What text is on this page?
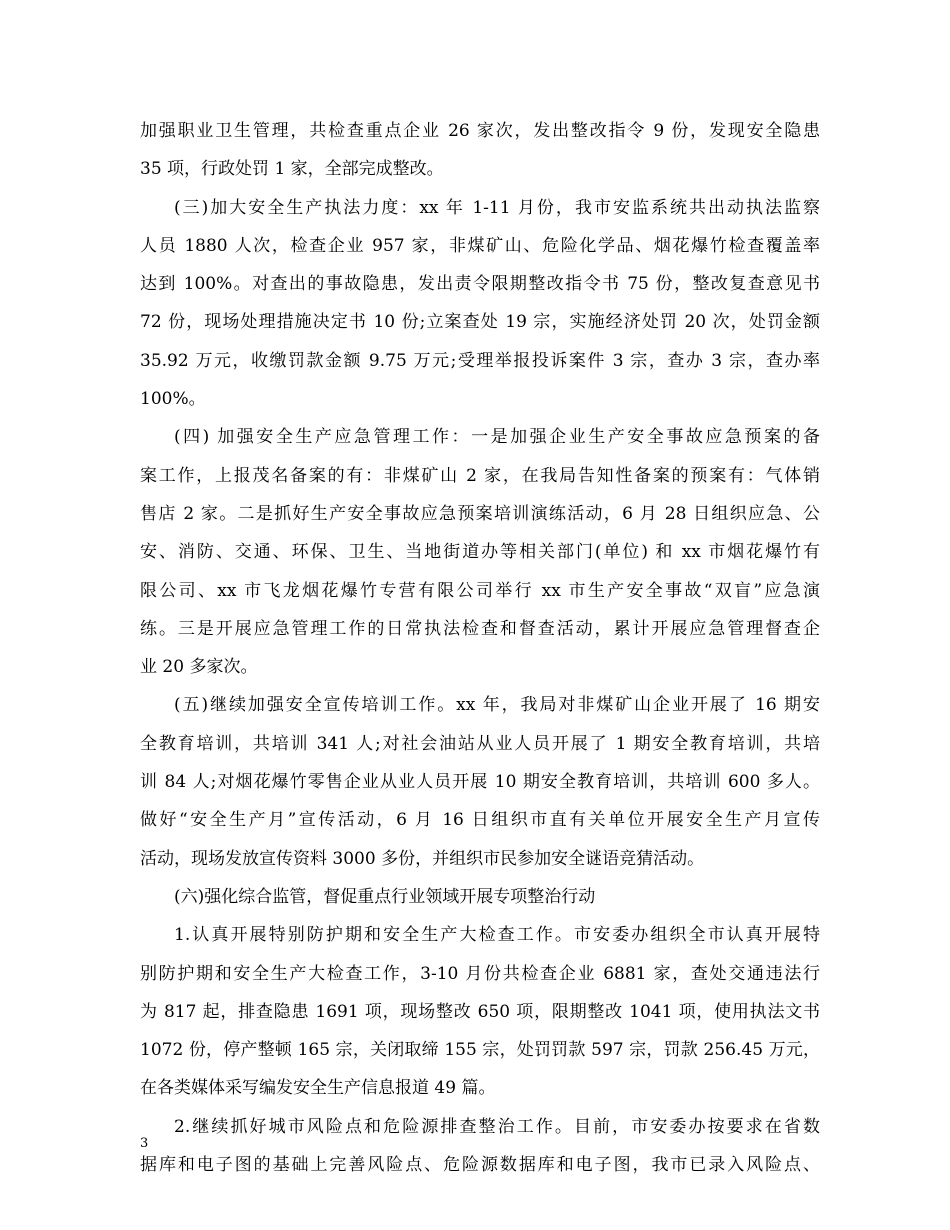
加强职业卫生管理，共检查重点企业 26 家次，发出整改指令 9 份，发现安全隐患
35 项，行政处罚 1 家，全部完成整改。
(三)加大安全生产执法力度：xx 年 1-11 月份，我市安监系统共出动执法监察
人员 1880 人次，检查企业 957 家，非煤矿山、危险化学品、烟花爆竹检查覆盖率
达到 100%。对查出的事故隐患，发出责令限期整改指令书 75 份，整改复查意见书
72 份，现场处理措施决定书 10 份;立案查处 19 宗，实施经济处罚 20 次，处罚金额
35.92 万元，收缴罚款金额 9.75 万元;受理举报投诉案件 3 宗，查办 3 宗，查办率
100%。
(四) 加强安全生产应急管理工作：一是加强企业生产安全事故应急预案的备
案工作，上报茂名备案的有：非煤矿山 2 家，在我局告知性备案的预案有：气体销
售店 2 家。二是抓好生产安全事故应急预案培训演练活动，6 月 28 日组织应急、公
安、消防、交通、环保、卫生、当地街道办等相关部门(单位) 和 xx 市烟花爆竹有
限公司、xx 市飞龙烟花爆竹专营有限公司举行 xx 市生产安全事故“双盲”应急演
练。三是开展应急管理工作的日常执法检查和督查活动，累计开展应急管理督查企
业 20 多家次。
(五)继续加强安全宣传培训工作。xx 年，我局对非煤矿山企业开展了 16 期安
全教育培训，共培训 341 人;对社会油站从业人员开展了 1 期安全教育培训，共培
训 84 人;对烟花爆竹零售企业从业人员开展 10 期安全教育培训，共培训 600 多人。
做好“安全生产月”宣传活动，6 月 16 日组织市直有关单位开展安全生产月宣传
活动，现场发放宣传资料 3000 多份，并组织市民参加安全谜语竞猜活动。
(六)强化综合监管，督促重点行业领域开展专项整治行动
1.认真开展特别防护期和安全生产大检查工作。市安委办组织全市认真开展特
别防护期和安全生产大检查工作，3-10 月份共检查企业 6881 家，查处交通违法行
为 817 起，排查隐患 1691 项，现场整改 650 项，限期整改 1041 项，使用执法文书
1072 份，停产整顿 165 宗，关闭取缔 155 宗，处罚罚款 597 宗，罚款 256.45 万元，
在各类媒体采写编发安全生产信息报道 49 篇。
2.继续抓好城市风险点和危险源排查整治工作。目前，市安委办按要求在省数
据库和电子图的基础上完善风险点、危险源数据库和电子图，我市已录入风险点、
3
